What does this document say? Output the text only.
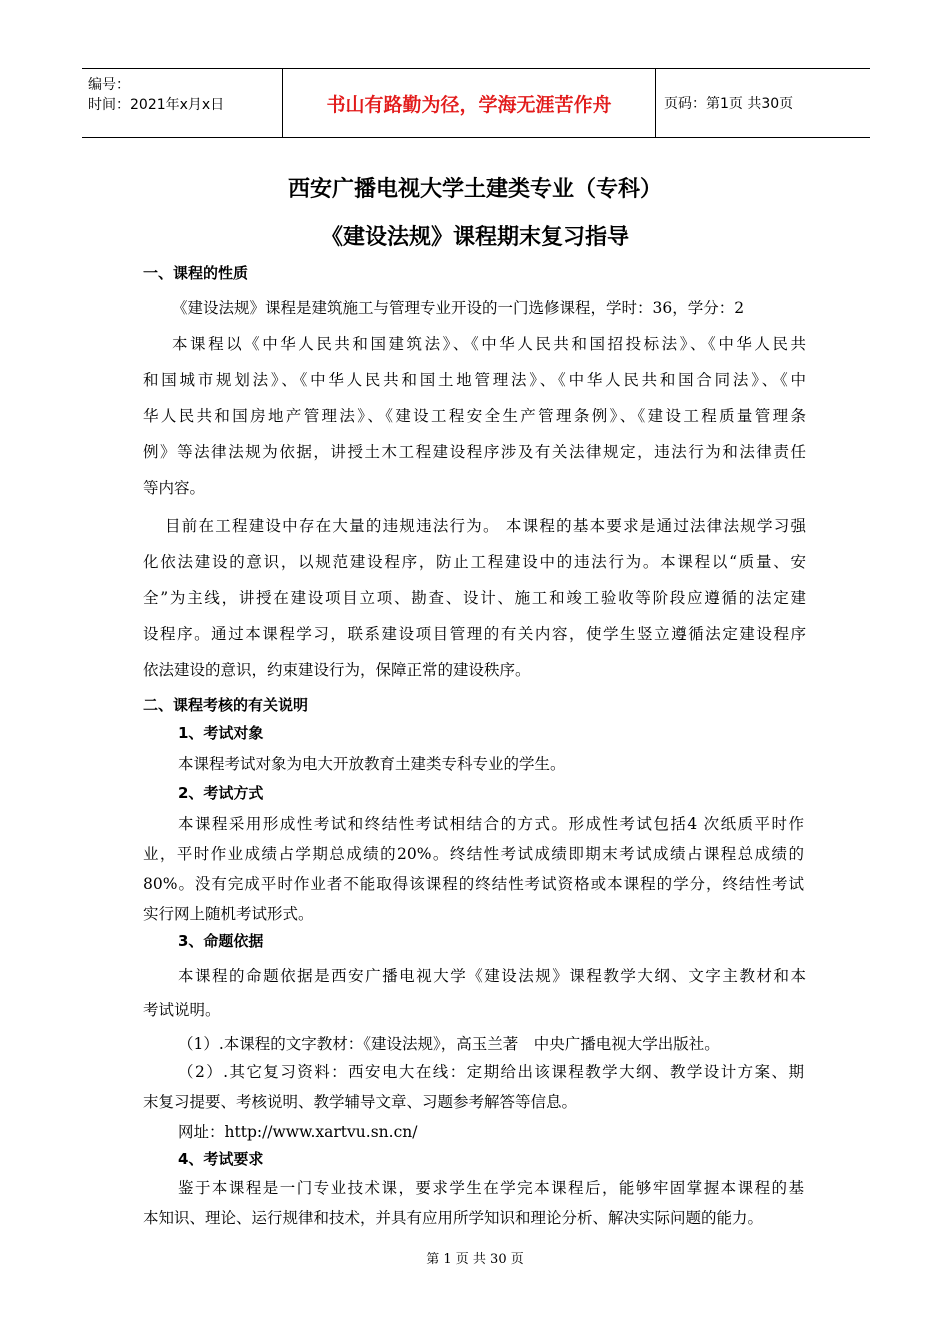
编号：
时间：2021年x月x日	书山有路勤为径，学海无涯苦作舟	页码：第1页 共30页
西安广播电视大学土建类专业（专科）
《建设法规》课程期末复习指导
一、课程的性质
《建设法规》课程是建筑施工与管理专业开设的一门选修课程，学时：36，学分：2
本课程以《中华人民共和国建筑法》、《中华人民共和国招投标法》、《中华人民共
和国城市规划法》、《中华人民共和国土地管理法》、《中华人民共和国合同法》、《中
华人民共和国房地产管理法》、《建设工程安全生产管理条例》、《建设工程质量管理条
例》等法律法规为依据，讲授土木工程建设程序涉及有关法律规定，违法行为和法律责任
等内容。
目前在工程建设中存在大量的违规违法行为。 本课程的基本要求是通过法律法规学习强
化依法建设的意识，以规范建设程序，防止工程建设中的违法行为。本课程以“质量、安
全”为主线，讲授在建设项目立项、勘查、设计、施工和竣工验收等阶段应遵循的法定建
设程序。通过本课程学习，联系建设项目管理的有关内容，使学生竖立遵循法定建设程序
依法建设的意识，约束建设行为，保障正常的建设秩序。
二、课程考核的有关说明
1、考试对象
本课程考试对象为电大开放教育土建类专科专业的学生。
2、考试方式
本课程采用形成性考试和终结性考试相结合的方式。形成性考试包括4 次纸质平时作
业，平时作业成绩占学期总成绩的20%。终结性考试成绩即期末考试成绩占课程总成绩的
80%。没有完成平时作业者不能取得该课程的终结性考试资格或本课程的学分，终结性考试
实行网上随机考试形式。
3、命题依据
本课程的命题依据是西安广播电视大学《建设法规》课程教学大纲、文字主教材和本
考试说明。
（1）.本课程的文字教材：《建设法规》，高玉兰著　中央广播电视大学出版社。
（2）.其它复习资料：西安电大在线：定期给出该课程教学大纲、教学设计方案、期
末复习提要、考核说明、教学辅导文章、习题参考解答等信息。
网址：http://www.xartvu.sn.cn/
4、考试要求
鉴于本课程是一门专业技术课，要求学生在学完本课程后，能够牢固掌握本课程的基
本知识、理论、运行规律和技术，并具有应用所学知识和理论分析、解决实际问题的能力。
第 1 页 共 30 页
